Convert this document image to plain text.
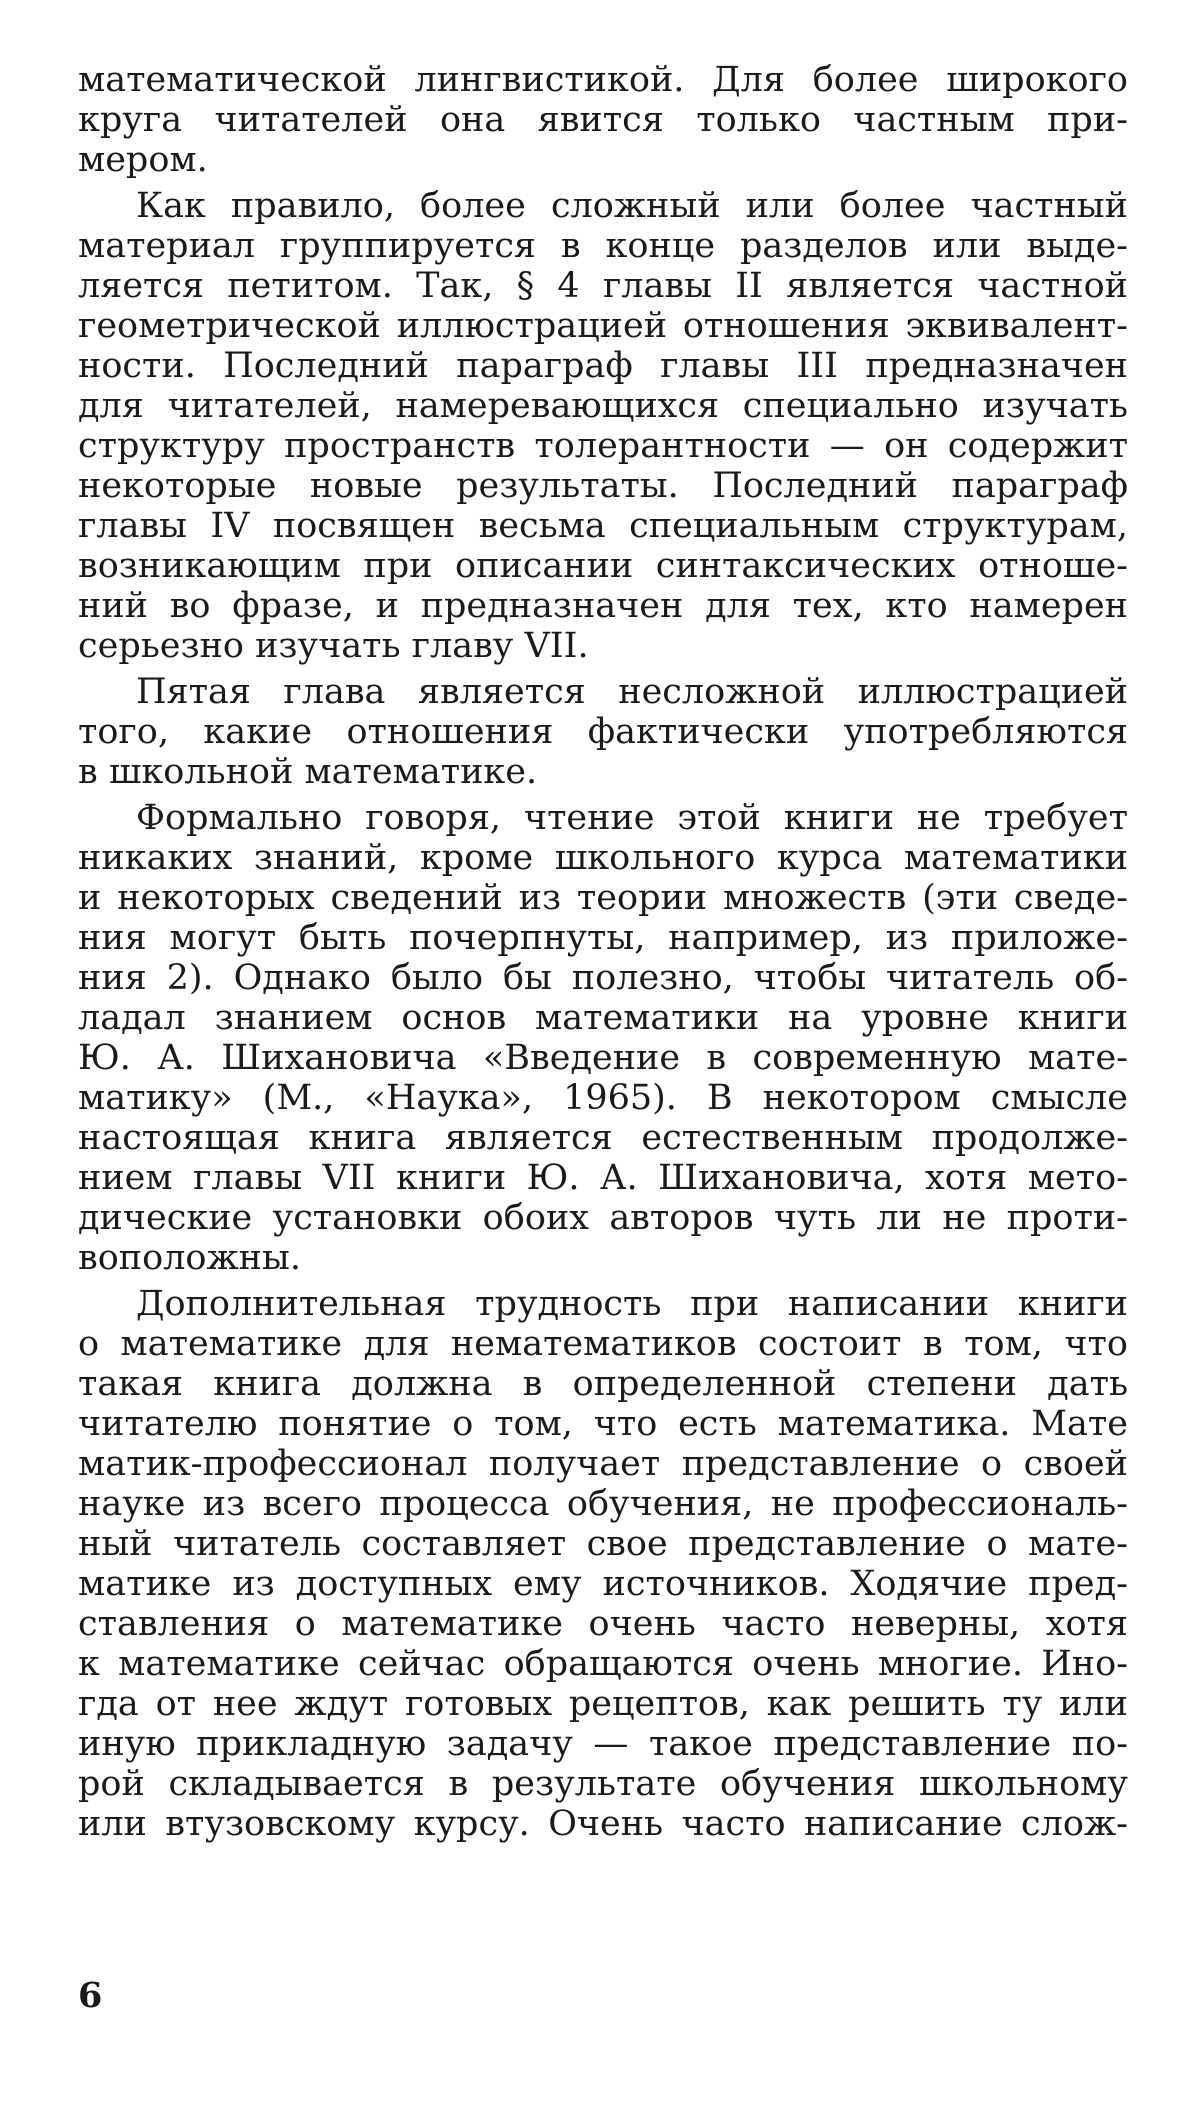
математической лингвистикой. Для более широкого
круга читателей она явится только частным при-
мером.
Как правило, более сложный или более частный
материал группируется в конце разделов или выде-
ляется петитом. Так, § 4 главы II является частной
геометрической иллюстрацией отношения эквивалент-
ности. Последний параграф главы III предназначен
для читателей, намеревающихся специально изучать
структуру пространств толерантности — он содержит
некоторые новые результаты. Последний параграф
главы IV посвящен весьма специальным структурам,
возникающим при описании синтаксических отноше-
ний во фразе, и предназначен для тех, кто намерен
серьезно изучать главу VII.
Пятая глава является несложной иллюстрацией
того, какие отношения фактически употребляются
в школьной математике.
Формально говоря, чтение этой книги не требует
никаких знаний, кроме школьного курса математики
и некоторых сведений из теории множеств (эти сведе-
ния могут быть почерпнуты, например, из приложе-
ния 2). Однако было бы полезно, чтобы читатель об-
ладал знанием основ математики на уровне книги
Ю. А. Шихановича «Введение в современную мате-
матику» (М., «Наука», 1965). В некотором смысле
настоящая книга является естественным продолже-
нием главы VII книги Ю. А. Шихановича, хотя мето-
дические установки обоих авторов чуть ли не проти-
воположны.
Дополнительная трудность при написании книги
о математике для нематематиков состоит в том, что
такая книга должна в определенной степени дать
читателю понятие о том, что есть математика. Мате
матик-профессионал получает представление о своей
науке из всего процесса обучения, не профессиональ-
ный читатель составляет свое представление о мате-
матике из доступных ему источников. Ходячие пред-
ставления о математике очень часто неверны, хотя
к математике сейчас обращаются очень многие. Ино-
гда от нее ждут готовых рецептов, как решить ту или
иную прикладную задачу — такое представление по-
рой складывается в результате обучения школьному
или втузовскому курсу. Очень часто написание слож-
6
